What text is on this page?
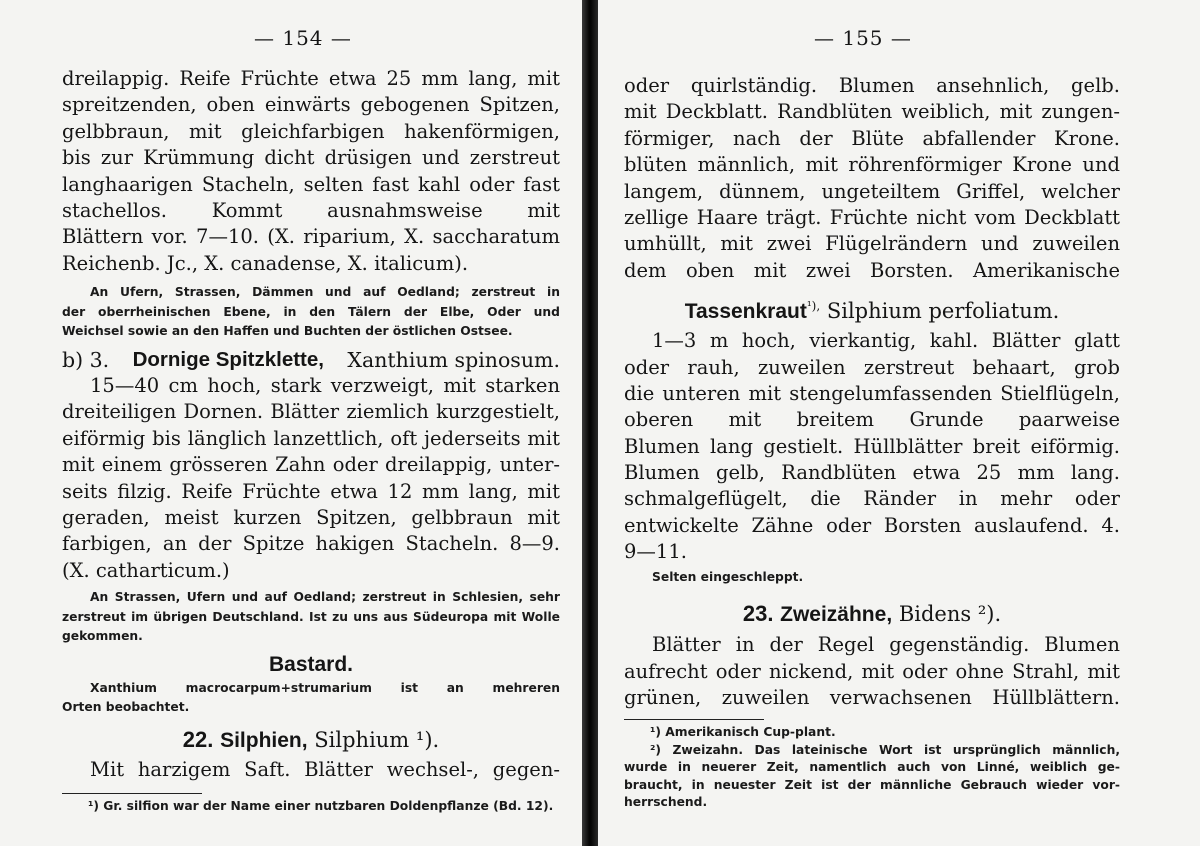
— 154 —
dreilappig. Reife Früchte etwa 25 mm lang, mit
spreitzenden, oben einwärts gebogenen Spitzen,
gelbbraun, mit gleichfarbigen hakenförmigen,
bis zur Krümmung dicht drüsigen und zerstreut
langhaarigen Stacheln, selten fast kahl oder fast
stachellos. Kommt ausnahmsweise mit
Blättern vor. 7—10. (X. riparium, X. saccharatum
Reichenb. Jc., X. canadense, X. italicum).
An Ufern, Strassen, Dämmen und auf Oedland; zerstreut in
der oberrheinischen Ebene, in den Tälern der Elbe, Oder und
Weichsel sowie an den Haffen und Buchten der östlichen Ostsee.
b) 3. Dornige Spitzklette, Xanthium spinosum.
15—40 cm hoch, stark verzweigt, mit starken
dreiteiligen Dornen. Blätter ziemlich kurzgestielt,
eiförmig bis länglich lanzettlich, oft jederseits mit
mit einem grösseren Zahn oder dreilappig, unter-
seits filzig. Reife Früchte etwa 12 mm lang, mit
geraden, meist kurzen Spitzen, gelbbraun mit
farbigen, an der Spitze hakigen Stacheln. 8—9.
(X. catharticum.)
An Strassen, Ufern und auf Oedland; zerstreut in Schlesien, sehr
zerstreut im übrigen Deutschland. Ist zu uns aus Südeuropa mit Wolle
gekommen.
Bastard.
Xanthium macrocarpum+strumarium ist an mehreren
Orten beobachtet.
22. Silphien, Silphium ¹).
Mit harzigem Saft. Blätter wechsel-, gegen-
¹) Gr. silfion war der Name einer nutzbaren Doldenpflanze (Bd. 12).
— 155 —
oder quirlständig. Blumen ansehnlich, gelb.
mit Deckblatt. Randblüten weiblich, mit zungen-
förmiger, nach der Blüte abfallender Krone.
blüten männlich, mit röhrenförmiger Krone und
langem, dünnem, ungeteiltem Griffel, welcher
zellige Haare trägt. Früchte nicht vom Deckblatt
umhüllt, mit zwei Flügelrändern und zuweilen
dem oben mit zwei Borsten. Amerikanische
Tassenkraut$^{^1),}$ Silphium perfoliatum.
1—3 m hoch, vierkantig, kahl. Blätter glatt
oder rauh, zuweilen zerstreut behaart, grob
die unteren mit stengelumfassenden Stielflügeln,
oberen mit breitem Grunde paarweise
Blumen lang gestielt. Hüllblätter breit eiförmig.
Blumen gelb, Randblüten etwa 25 mm lang.
schmalgeflügelt, die Ränder in mehr oder
entwickelte Zähne oder Borsten auslaufend. 4.
9—11.
Selten eingeschleppt.
23. Zweizähne, Bidens ²).
Blätter in der Regel gegenständig. Blumen
aufrecht oder nickend, mit oder ohne Strahl, mit
grünen, zuweilen verwachsenen Hüllblättern.
¹) Amerikanisch Cup-plant.
²) Zweizahn. Das lateinische Wort ist ursprünglich männlich,
wurde in neuerer Zeit, namentlich auch von Linné, weiblich ge-
braucht, in neuester Zeit ist der männliche Gebrauch wieder vor-
herrschend.
